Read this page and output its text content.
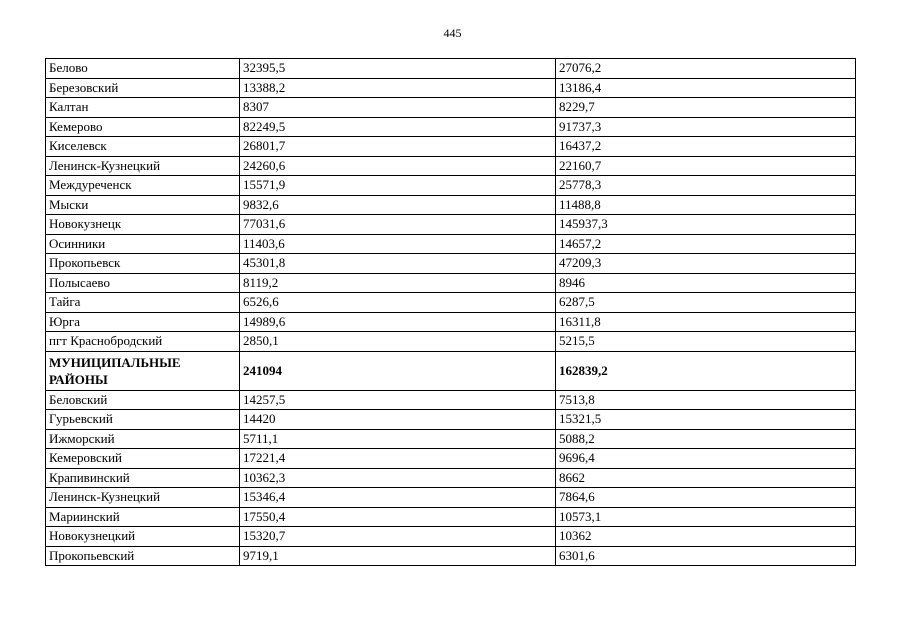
445
Белово	32395,5	27076,2
Березовский	13388,2	13186,4
Калтан	8307	8229,7
Кемерово	82249,5	91737,3
Киселевск	26801,7	16437,2
Ленинск-Кузнецкий	24260,6	22160,7
Междуреченск	15571,9	25778,3
Мыски	9832,6	11488,8
Новокузнецк	77031,6	145937,3
Осинники	11403,6	14657,2
Прокопьевск	45301,8	47209,3
Полысаево	8119,2	8946
Тайга	6526,6	6287,5
Юрга	14989,6	16311,8
пгт Краснобродский	2850,1	5215,5
МУНИЦИПАЛЬНЫЕ РАЙОНЫ	241094	162839,2
Беловский	14257,5	7513,8
Гурьевский	14420	15321,5
Ижморский	5711,1	5088,2
Кемеровский	17221,4	9696,4
Крапивинский	10362,3	8662
Ленинск-Кузнецкий	15346,4	7864,6
Мариинский	17550,4	10573,1
Новокузнецкий	15320,7	10362
Прокопьевский	9719,1	6301,6
